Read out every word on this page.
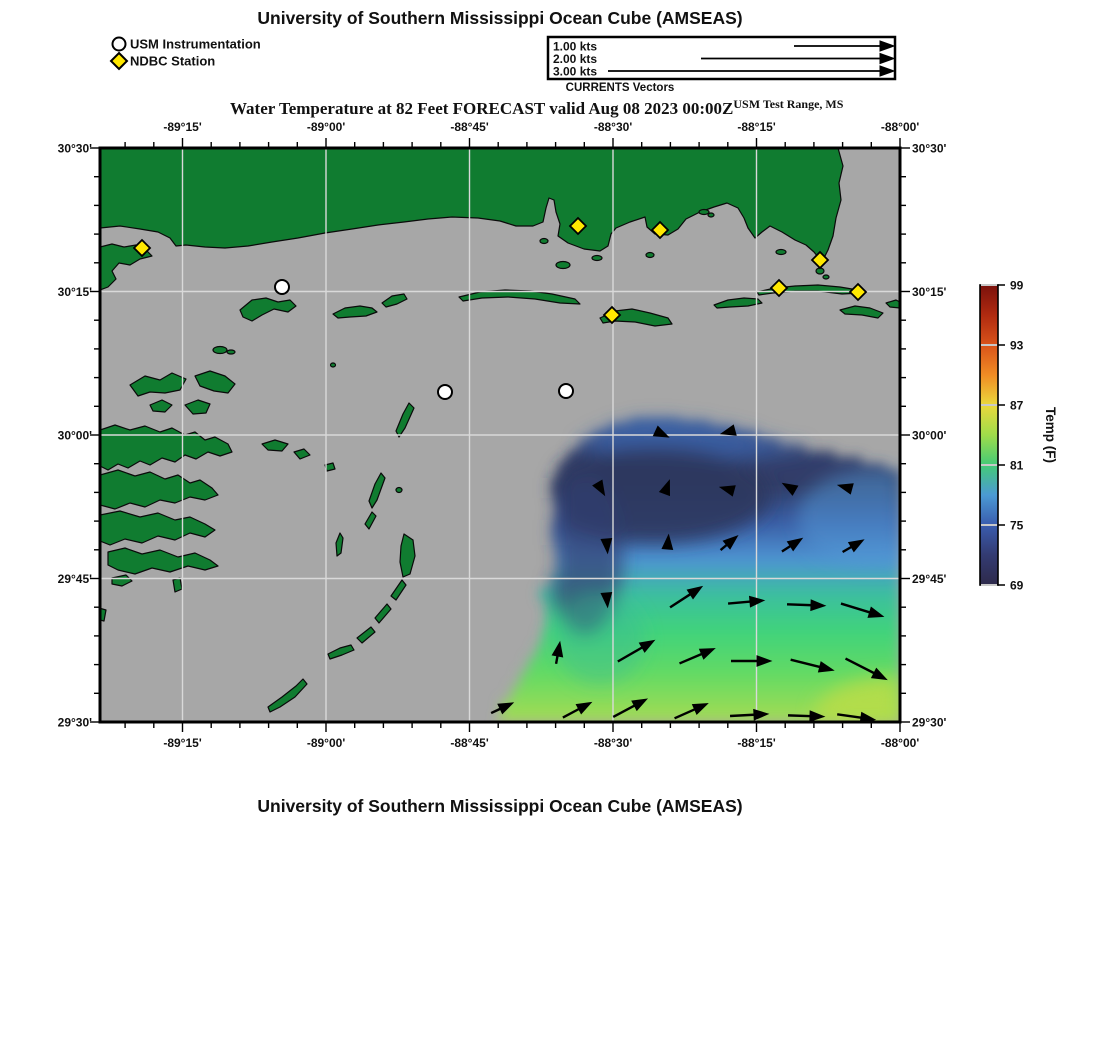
University of Southern Mississippi Ocean Cube (AMSEAS)
USM Instrumentation
NDBC Station
1.00 kts
2.00 kts
3.00 kts
CURRENTS Vectors
Water Temperature at 82 Feet FORECAST valid Aug 08 2023 $00:00Z^{USM Test Range, MS}$
-89°15'
-89°15'
-89°00'
-89°00'
-88°45'
-88°45'
-88°30'
-88°30'
-88°15'
-88°15'
-88°00'
-88°00'
30°30'	30°30'
30°15'	30°15'
30°00'	30°00'
29°45'	29°45'
29°30'	29°30'
99
93
87
81
75
69
Temp (F)
University of Southern Mississippi Ocean Cube (AMSEAS)
